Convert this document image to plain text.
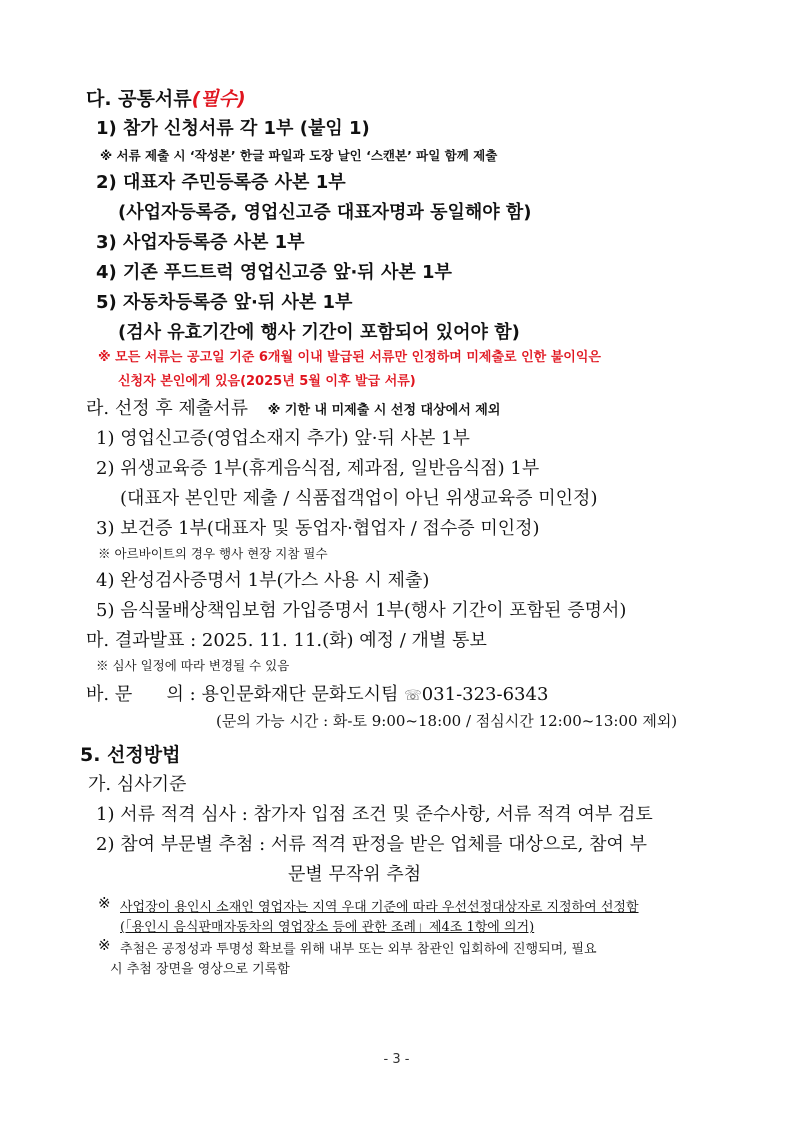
다. 공통서류(필수)
1) 참가 신청서류 각 1부 (붙임 1)
※ 서류 제출 시 ‘작성본’ 한글 파일과 도장 날인 ‘스캔본’ 파일 함께 제출
2) 대표자 주민등록증 사본 1부
(사업자등록증, 영업신고증 대표자명과 동일해야 함)
3) 사업자등록증 사본 1부
4) 기존 푸드트럭 영업신고증 앞·뒤 사본 1부
5) 자동차등록증 앞·뒤 사본 1부
(검사 유효기간에 행사 기간이 포함되어 있어야 함)
※ 모든 서류는 공고일 기준 6개월 이내 발급된 서류만 인정하며 미제출로 인한 불이익은
신청자 본인에게 있음(2025년 5월 이후 발급 서류)
라. 선정 후 제출서류 ※ 기한 내 미제출 시 선정 대상에서 제외
1) 영업신고증(영업소재지 추가) 앞·뒤 사본 1부
2) 위생교육증 1부(휴게음식점, 제과점, 일반음식점) 1부
(대표자 본인만 제출 / 식품접객업이 아닌 위생교육증 미인정)
3) 보건증 1부(대표자 및 동업자·협업자 / 접수증 미인정)
※ 아르바이트의 경우 행사 현장 지참 필수
4) 완성검사증명서 1부(가스 사용 시 제출)
5) 음식물배상책임보험 가입증명서 1부(행사 기간이 포함된 증명서)
마. 결과발표 : 2025. 11. 11.(화) 예정 / 개별 통보
※ 심사 일정에 따라 변경될 수 있음
바. 문      의 : 용인문화재단 문화도시팀 ☏031-323-6343
(문의 가능 시간 : 화-토 9:00~18:00 / 점심시간 12:00~13:00 제외)
5. 선정방법
가. 심사기준
1) 서류 적격 심사 : 참가자 입점 조건 및 준수사항, 서류 적격 여부 검토
2) 참여 부문별 추첨 : 서류 적격 판정을 받은 업체를 대상으로, 참여 부
문별 무작위 추첨
※ 사업장이 용인시 소재인 영업자는 지역 우대 기준에 따라 우선선정대상자로 지정하여 선정함
(「용인시 음식판매자동차의 영업장소 등에 관한 조례」제4조 1항에 의거)
※ 추첨은 공정성과 투명성 확보를 위해 내부 또는 외부 참관인 입회하에 진행되며, 필요
시 추첨 장면을 영상으로 기록함
- 3 -
